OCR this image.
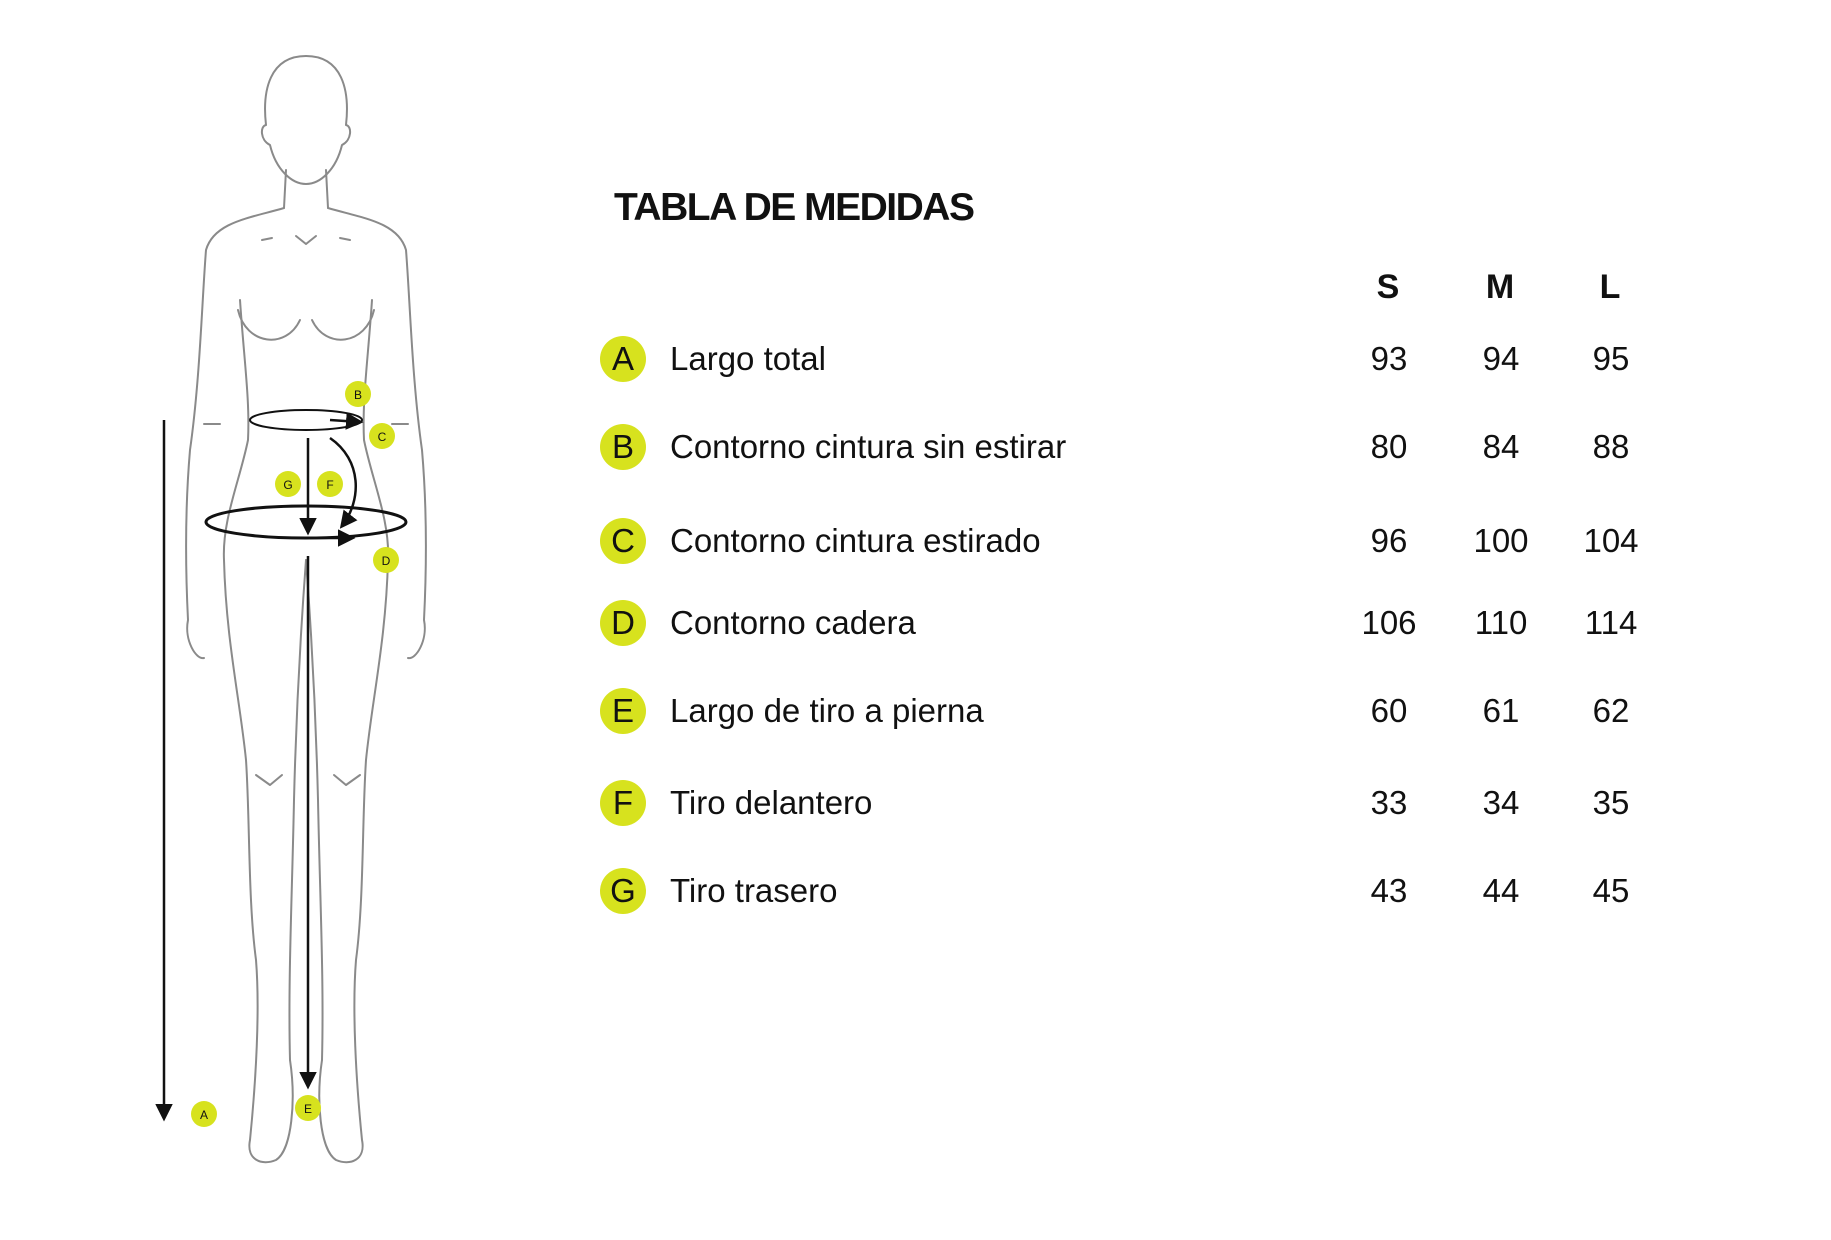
A
B
C
D
E
F
G
TABLA DE MEDIDAS
S	M	L
A	Largo total	93	94	95
B	Contorno cintura sin estirar	80	84	88
C	Contorno cintura estirado	96	100	104
D	Contorno cadera	106	110	114
E	Largo de tiro a pierna	60	61	62
F	Tiro delantero	33	34	35
G	Tiro trasero	43	44	45
